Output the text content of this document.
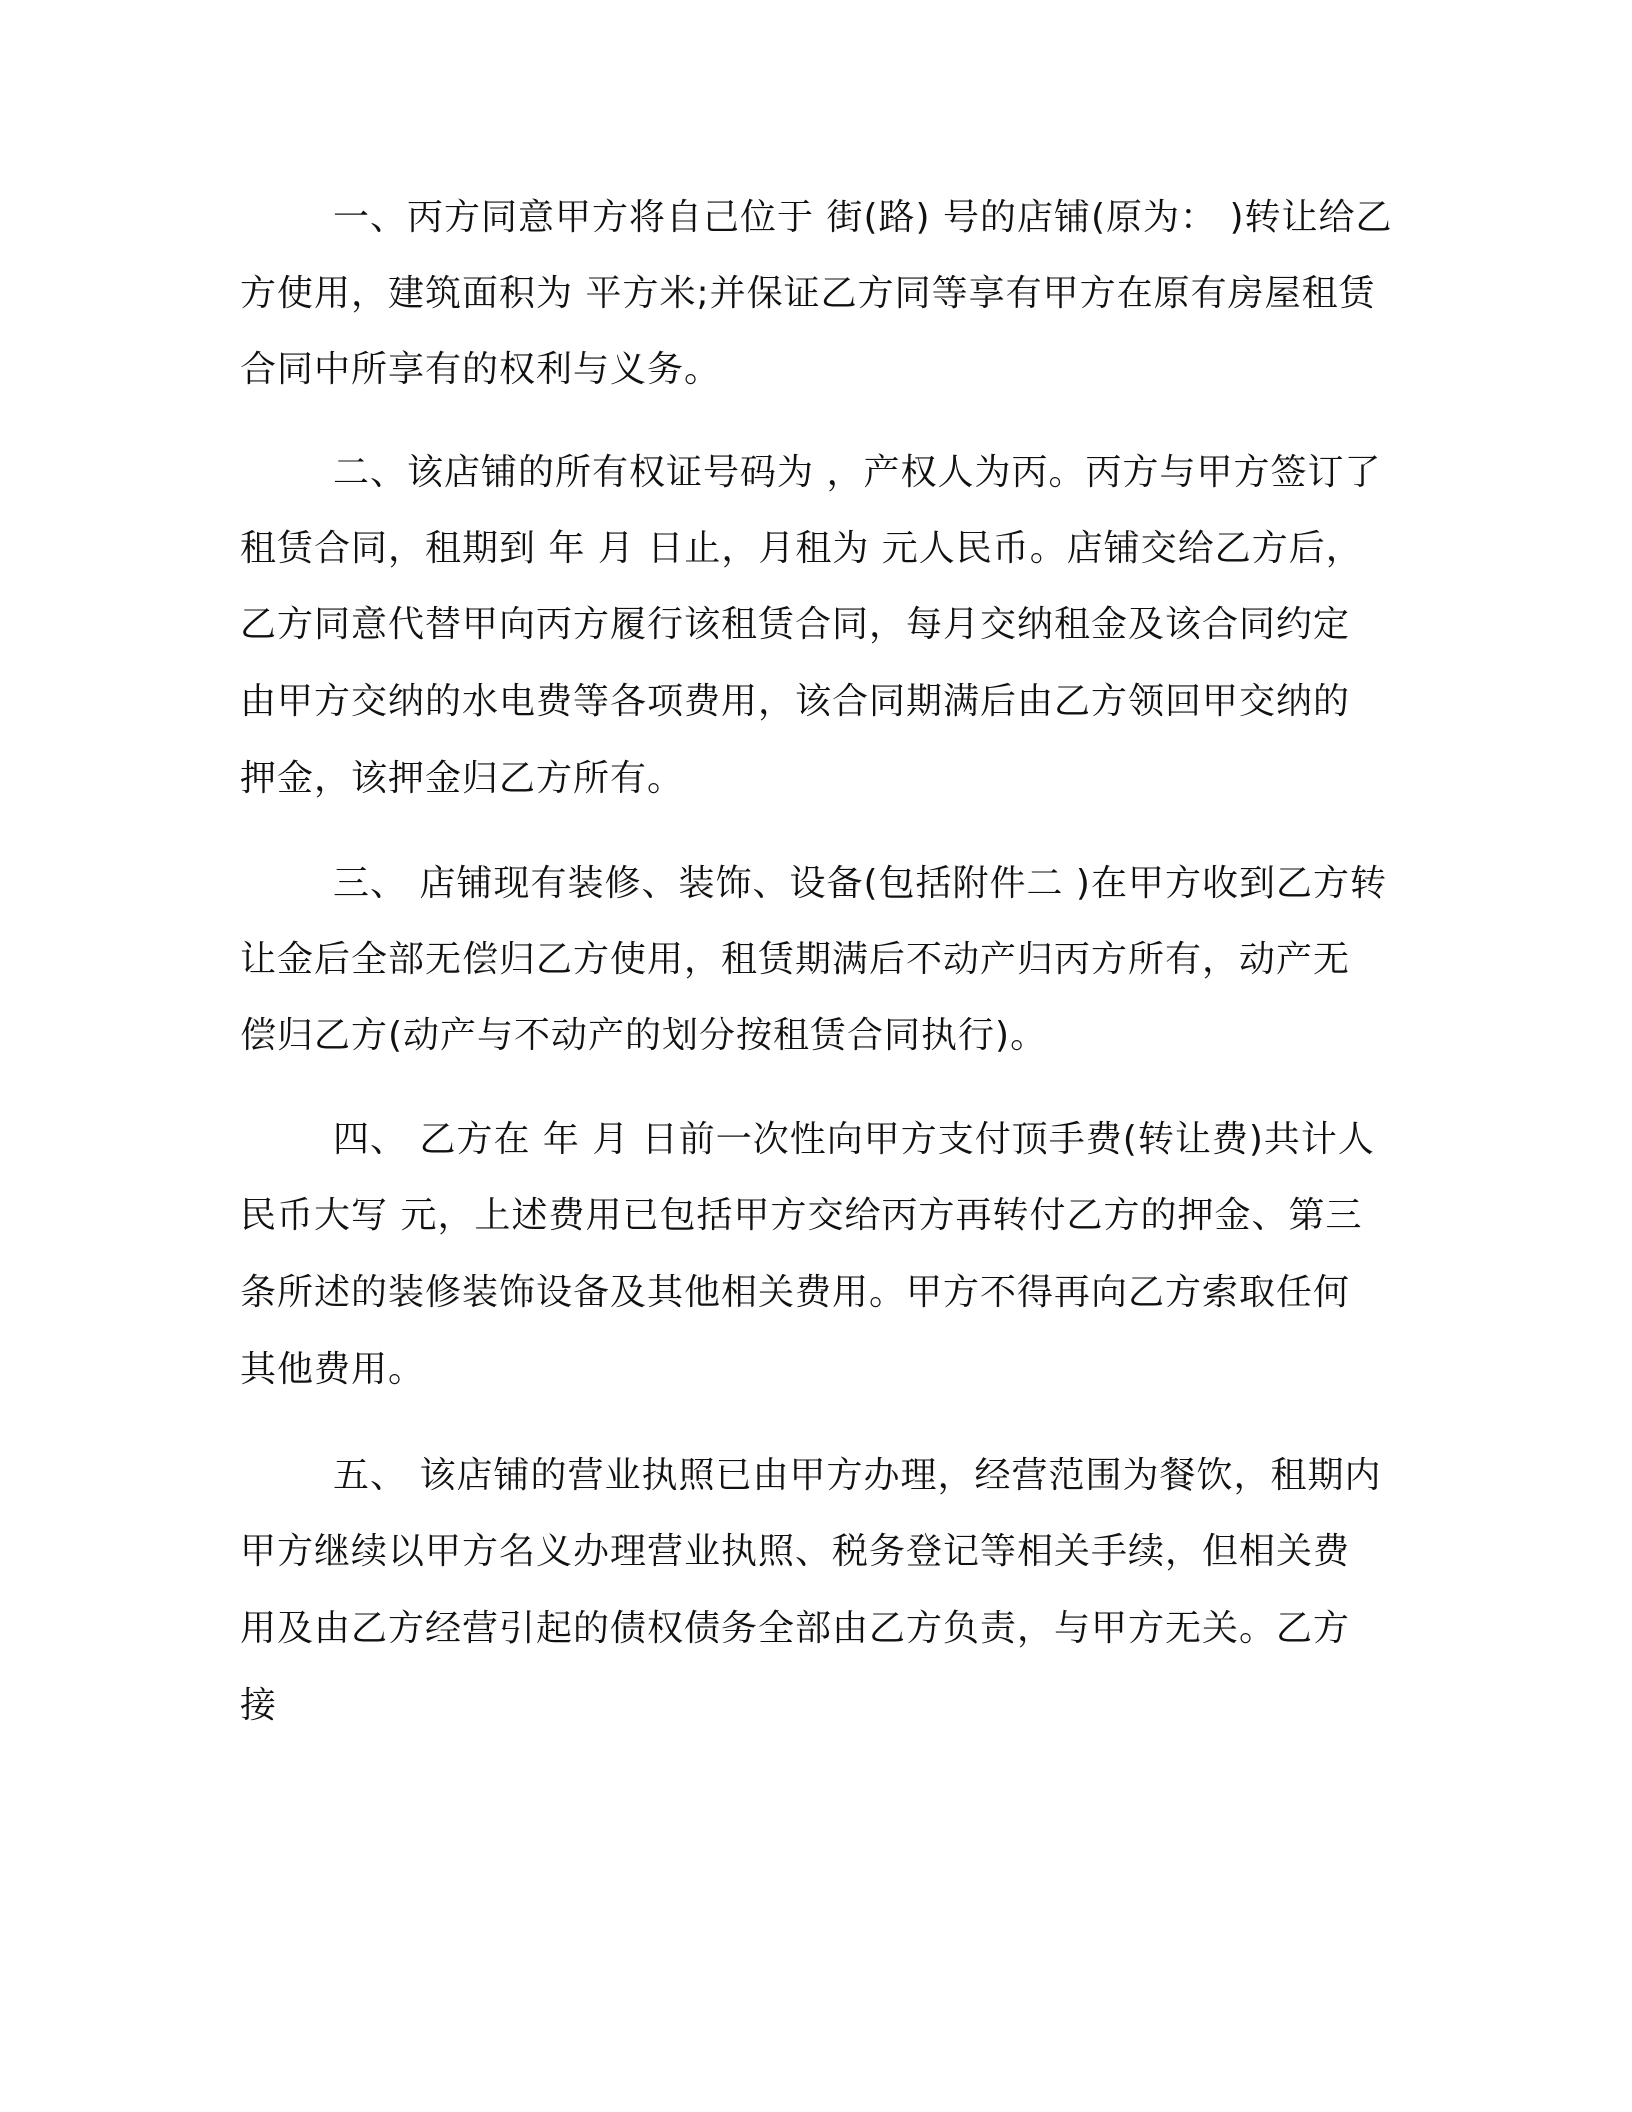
一、丙方同意甲方将自己位于 街(路) 号的店铺(原为： )转让给乙
方使用，建筑面积为 平方米;并保证乙方同等享有甲方在原有房屋租赁
合同中所享有的权利与义务。
二、该店铺的所有权证号码为 ，产权人为丙。丙方与甲方签订了
租赁合同，租期到 年 月 日止，月租为 元人民币。店铺交给乙方后，
乙方同意代替甲向丙方履行该租赁合同，每月交纳租金及该合同约定
由甲方交纳的水电费等各项费用，该合同期满后由乙方领回甲交纳的
押金，该押金归乙方所有。
三、 店铺现有装修、装饰、设备(包括附件二 )在甲方收到乙方转
让金后全部无偿归乙方使用，租赁期满后不动产归丙方所有，动产无
偿归乙方(动产与不动产的划分按租赁合同执行)。
四、 乙方在 年 月 日前一次性向甲方支付顶手费(转让费)共计人
民币大写 元，上述费用已包括甲方交给丙方再转付乙方的押金、第三
条所述的装修装饰设备及其他相关费用。甲方不得再向乙方索取任何
其他费用。
五、 该店铺的营业执照已由甲方办理，经营范围为餐饮，租期内
甲方继续以甲方名义办理营业执照、税务登记等相关手续，但相关费
用及由乙方经营引起的债权债务全部由乙方负责，与甲方无关。乙方
接
